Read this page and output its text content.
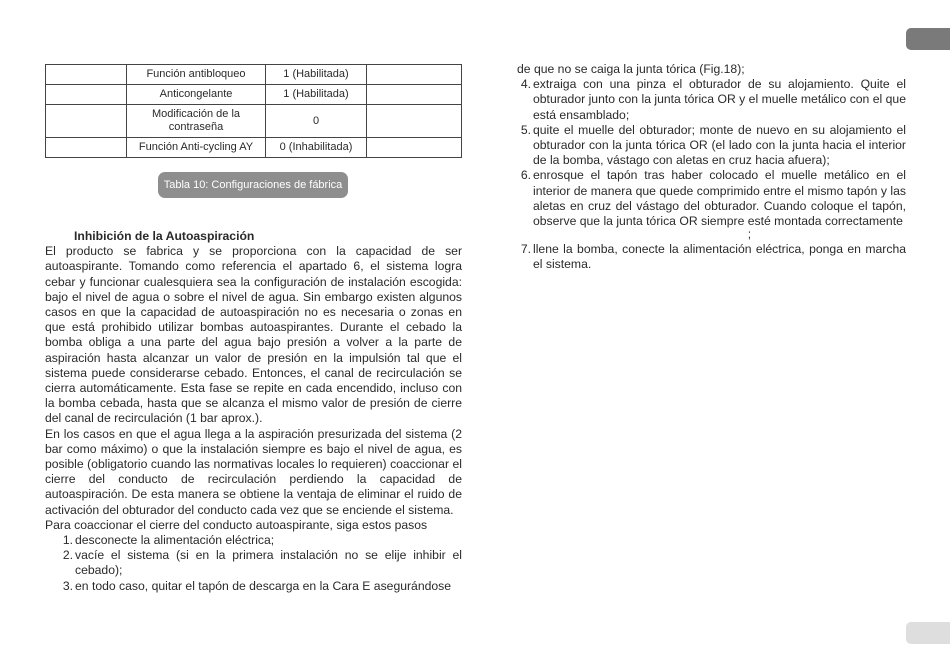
	Función antibloqueo	1 (Habilitada)	
	Anticongelante	1 (Habilitada)	
	Modificación de la contraseña	0	
	Función Anti-cycling AY	0 (Inhabilitada)	
Tabla 10: Configuraciones de fábrica
Inhibición de la Autoaspiración

El producto se fabrica y se proporciona con la capacidad de ser autoaspirante. Tomando como referencia el apartado 6, el sistema logra cebar y funcionar cualesquiera sea la configuración de instalación escogida: bajo el nivel de agua o sobre el nivel de agua. Sin embargo existen algunos casos en que la capacidad de autoaspiración no es necesaria o zonas en que está prohibido utilizar bombas autoaspirantes. Durante el cebado la bomba obliga a una parte del agua bajo presión a volver a la parte de aspiración hasta alcanzar un valor de presión en la impulsión tal que el sistema puede considerarse cebado. Entonces, el canal de recirculación se cierra automáticamente. Esta fase se repite en cada encendido, incluso con la bomba cebada, hasta que se alcanza el mismo valor de presión de cierre del canal de recirculación (1 bar aprox.).

En los casos en que el agua llega a la aspiración presurizada del sistema (2 bar como máximo) o que la instalación siempre es bajo el nivel de agua, es posible (obligatorio cuando las normativas locales lo requieren) coaccionar el cierre del conducto de recirculación perdiendo la capacidad de autoaspiración. De esta manera se obtiene la ventaja de eliminar el ruido de activación del obturador del conducto cada vez que se enciende el sistema.

Para coaccionar el cierre del conducto autoaspirante, siga estos pasos

1. desconecte la alimentación eléctrica;
2. vacíe el sistema (si en la primera instalación no se elije inhibir el cebado);
3. en todo caso, quitar el tapón de descarga en la Cara E asegurándose
de que no se caiga la junta tórica (Fig.18);
4. extraiga con una pinza el obturador de su alojamiento. Quite el obturador junto con la junta tórica OR y el muelle metálico con el que está ensamblado;
5. quite el muelle del obturador; monte de nuevo en su alojamiento el obturador con la junta tórica OR (el lado con la junta hacia el interior de la bomba, vástago con aletas en cruz hacia afuera);
6. enrosque el tapón tras haber colocado el muelle metálico en el interior de manera que quede comprimido entre el mismo tapón y las aletas en cruz del vástago del obturador. Cuando coloque el tapón, observe que la junta tórica OR siempre esté montada correctamente
;
7. llene la bomba, conecte la alimentación eléctrica, ponga en marcha el sistema.
